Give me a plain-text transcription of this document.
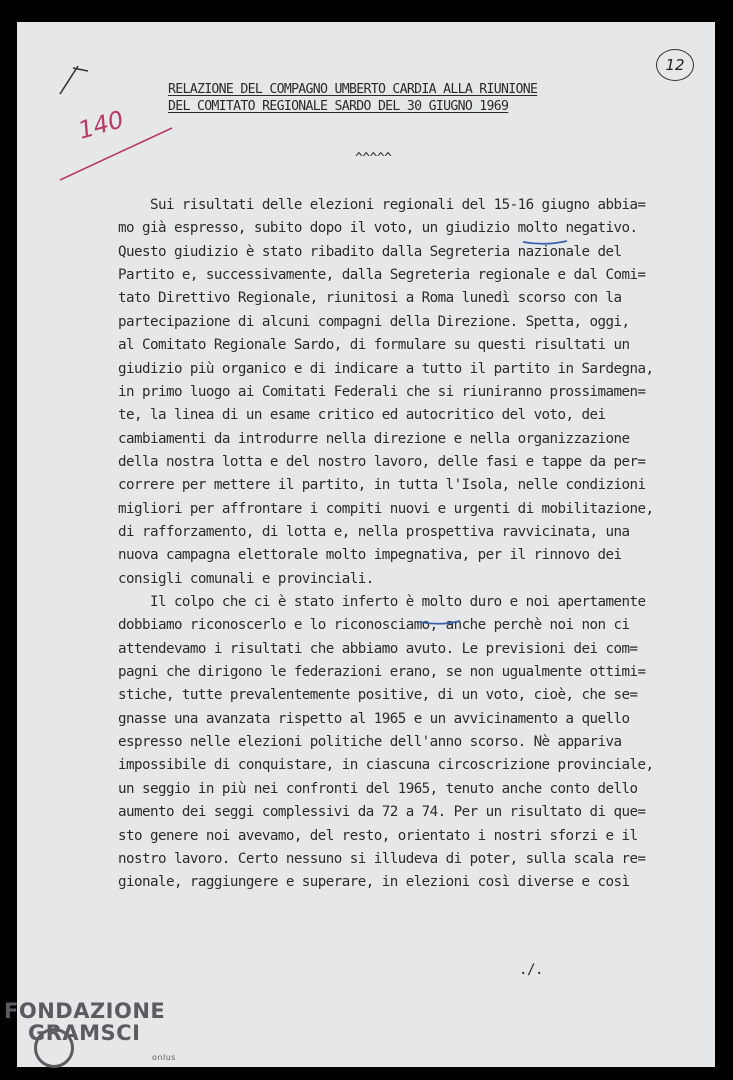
RELAZIONE DEL COMPAGNO UMBERTO CARDIA ALLA RIUNIONE
DEL COMITATO REGIONALE SARDO DEL 30 GIUGNO 1969
^^^^^
140
12
Sui risultati delle elezioni regionali del 15-16 giugno abbia=
mo già espresso, subito dopo il voto, un giudizio molto negativo.
Questo giudizio è stato ribadito dalla Segreteria nazionale del
Partito e, successivamente, dalla Segreteria regionale e dal Comi=
tato Direttivo Regionale, riunitosi a Roma lunedì scorso con la
partecipazione di alcuni compagni della Direzione. Spetta, oggi,
al Comitato Regionale Sardo, di formulare su questi risultati un
giudizio più organico e di indicare a tutto il partito in Sardegna,
in primo luogo ai Comitati Federali che si riuniranno prossimamen=
te, la linea di un esame critico ed autocritico del voto, dei
cambiamenti da introdurre nella direzione e nella organizzazione
della nostra lotta e del nostro lavoro, delle fasi e tappe da per=
correre per mettere il partito, in tutta l'Isola, nelle condizioni
migliori per affrontare i compiti nuovi e urgenti di mobilitazione,
di rafforzamento, di lotta e, nella prospettiva ravvicinata, una
nuova campagna elettorale molto impegnativa, per il rinnovo dei
consigli comunali e provinciali.
Il colpo che ci è stato inferto è molto duro e noi apertamente
dobbiamo riconoscerlo e lo riconosciamo, anche perchè noi non ci
attendevamo i risultati che abbiamo avuto. Le previsioni dei com=
pagni che dirigono le federazioni erano, se non ugualmente ottimi=
stiche, tutte prevalentemente positive, di un voto, cioè, che se=
gnasse una avanzata rispetto al 1965 e un avvicinamento a quello
espresso nelle elezioni politiche dell'anno scorso. Nè appariva
impossibile di conquistare, in ciascuna circoscrizione provinciale,
un seggio in più nei confronti del 1965, tenuto anche conto dello
aumento dei seggi complessivi da 72 a 74. Per un risultato di que=
sto genere noi avevamo, del resto, orientato i nostri sforzi e il
nostro lavoro. Certo nessuno si illudeva di poter, sulla scala re=
gionale, raggiungere e superare, in elezioni così diverse e così
./.
FONDAZIONE
GRAMSCI
onlus
